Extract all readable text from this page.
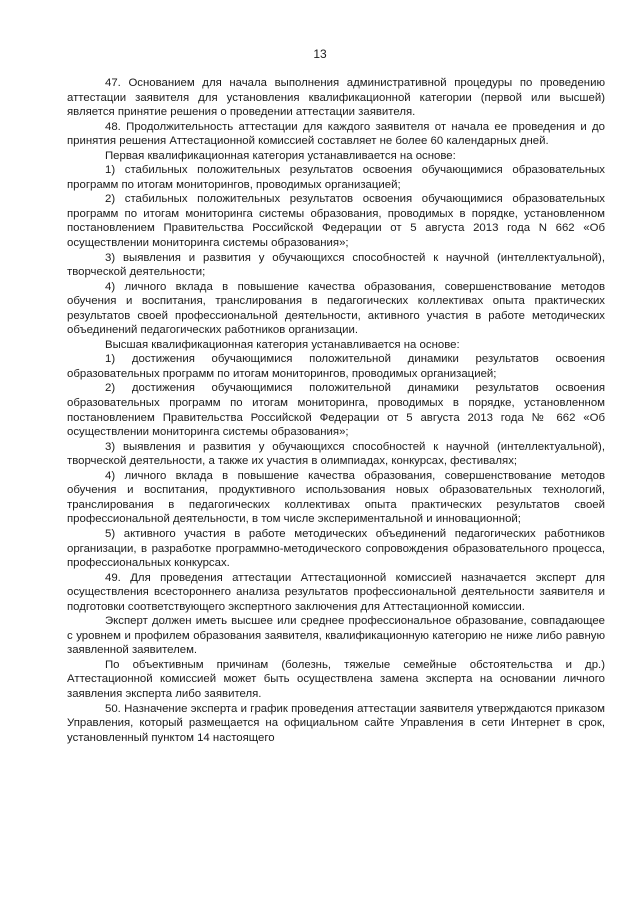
13

47. Основанием для начала выполнения административной процедуры по проведению аттестации заявителя для установления квалификационной категории (первой или высшей) является принятие решения о проведении аттестации заявителя.

48. Продолжительность аттестации для каждого заявителя от начала ее проведения и до принятия решения Аттестационной комиссией составляет не более 60 календарных дней.

Первая квалификационная категория устанавливается на основе:

1) стабильных положительных результатов освоения обучающимися образовательных программ по итогам мониторингов, проводимых организацией;

2) стабильных положительных результатов освоения обучающимися образовательных программ по итогам мониторинга системы образования, проводимых в порядке, установленном постановлением Правительства Российской Федерации от 5 августа 2013 года N 662 «Об осуществлении мониторинга системы образования»;

3) выявления и развития у обучающихся способностей к научной (интеллектуальной), творческой деятельности;

4) личного вклада в повышение качества образования, совершенствование методов обучения и воспитания, транслирования в педагогических коллективах опыта практических результатов своей профессиональной деятельности, активного участия в работе методических объединений педагогических работников организации.

Высшая квалификационная категория устанавливается на основе:

1) достижения обучающимися положительной динамики результатов освоения образовательных программ по итогам мониторингов, проводимых организацией;

2) достижения обучающимися положительной динамики результатов освоения образовательных программ по итогам мониторинга, проводимых в порядке, установленном постановлением Правительства Российской Федерации от 5 августа 2013 года № 662 «Об осуществлении мониторинга системы образования»;

3) выявления и развития у обучающихся способностей к научной (интеллектуальной), творческой деятельности, а также их участия в олимпиадах, конкурсах, фестивалях;

4) личного вклада в повышение качества образования, совершенствование методов обучения и воспитания, продуктивного использования новых образовательных технологий, транслирования в педагогических коллективах опыта практических результатов своей профессиональной деятельности, в том числе экспериментальной и инновационной;

5) активного участия в работе методических объединений педагогических работников организации, в разработке программно-методического сопровождения образовательного процесса, профессиональных конкурсах.

49. Для проведения аттестации Аттестационной комиссией назначается эксперт для осуществления всестороннего анализа результатов профессиональной деятельности заявителя и подготовки соответствующего экспертного заключения для Аттестационной комиссии.

Эксперт должен иметь высшее или среднее профессиональное образование, совпадающее с уровнем и профилем образования заявителя, квалификационную категорию не ниже либо равную заявленной заявителем.

По объективным причинам (болезнь, тяжелые семейные обстоятельства и др.) Аттестационной комиссией может быть осуществлена замена эксперта на основании личного заявления эксперта либо заявителя.

50. Назначение эксперта и график проведения аттестации заявителя утверждаются приказом Управления, который размещается на официальном сайте Управления в сети Интернет в срок, установленный пунктом 14 настоящего
